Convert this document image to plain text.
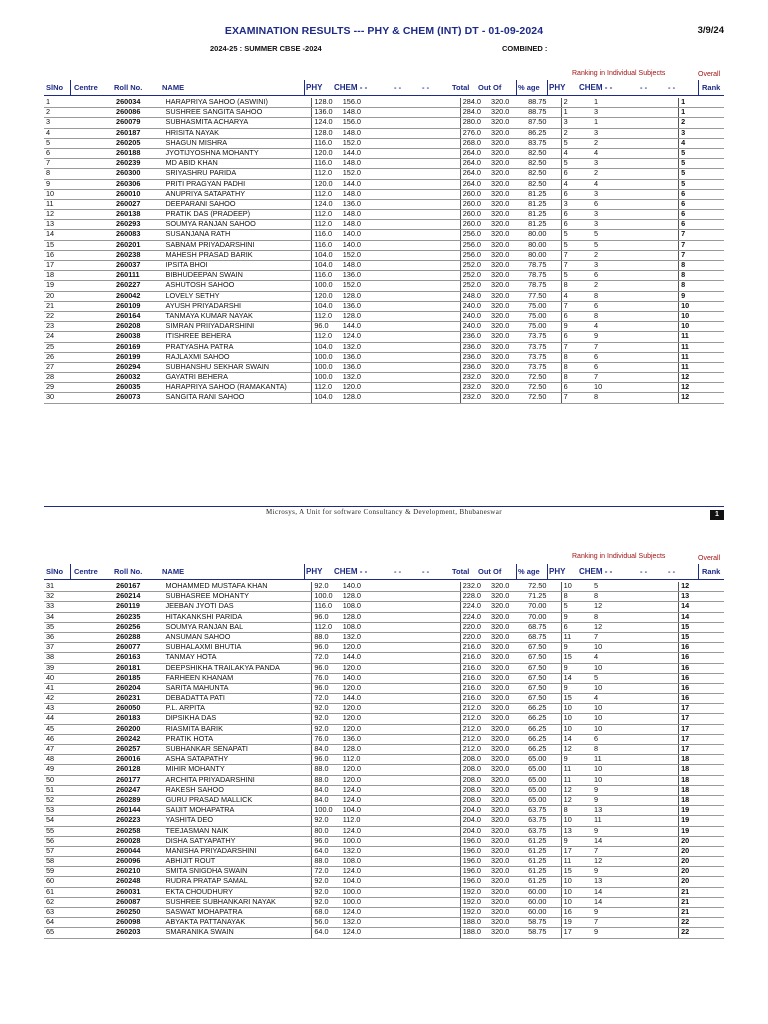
EXAMINATION RESULTS --- PHY & CHEM (INT) DT - 01-09-2024	3/9/24
2024-25 : SUMMER CBSE -2024	COMBINED :
Ranking in Individual Subjects	Overall
SlNo Centre Roll No.	NAME	PHY CHEM - -	- -	- -	Total Out Of % age PHY CHEM - -	- -	- -	Rank
1		260034	HARAPRIYA SAHOO (ASWINI)	128.0	156.0			284.0	320.0	88.75	2	1			1
2		260086	SUSHREE SANGITA SAHOO	136.0	148.0			284.0	320.0	88.75	1	3			1
3		260079	SUBHASMITA ACHARYA	124.0	156.0			280.0	320.0	87.50	3	1			2
4		260187	HRISITA NAYAK	128.0	148.0			276.0	320.0	86.25	2	3			3
5		260205	SHAGUN MISHRA	116.0	152.0			268.0	320.0	83.75	5	2			4
6		260188	JYOTIJYOSHNA MOHANTY	120.0	144.0			264.0	320.0	82.50	4	4			5
7		260239	MD ABID KHAN	116.0	148.0			264.0	320.0	82.50	5	3			5
8		260300	SRIYASHRU PARIDA	112.0	152.0			264.0	320.0	82.50	6	2			5
9		260306	PRITI PRAGYAN PADHI	120.0	144.0			264.0	320.0	82.50	4	4			5
10		260010	ANUPRIYA SATAPATHY	112.0	148.0			260.0	320.0	81.25	6	3			6
11		260027	DEEPARANI SAHOO	124.0	136.0			260.0	320.0	81.25	3	6			6
12		260138	PRATIK DAS (PRADEEP)	112.0	148.0			260.0	320.0	81.25	6	3			6
13		260293	SOUMYA RANJAN SAHOO	112.0	148.0			260.0	320.0	81.25	6	3			6
14		260083	SUSANJANA RATH	116.0	140.0			256.0	320.0	80.00	5	5			7
15		260201	SABNAM PRIYADARSHINI	116.0	140.0			256.0	320.0	80.00	5	5			7
16		260238	MAHESH PRASAD BARIK	104.0	152.0			256.0	320.0	80.00	7	2			7
17		260037	IPSITA BHOI	104.0	148.0			252.0	320.0	78.75	7	3			8
18		260111	BIBHUDEEPAN SWAIN	116.0	136.0			252.0	320.0	78.75	5	6			8
19		260227	ASHUTOSH SAHOO	100.0	152.0			252.0	320.0	78.75	8	2			8
20		260042	LOVELY SETHY	120.0	128.0			248.0	320.0	77.50	4	8			9
21		260109	AYUSH PRIYADARSHI	104.0	136.0			240.0	320.0	75.00	7	6			10
22		260164	TANMAYA KUMAR NAYAK	112.0	128.0			240.0	320.0	75.00	6	8			10
23		260208	SIMRAN PRIIYADARSHINI	96.0	144.0			240.0	320.0	75.00	9	4			10
24		260038	ITISHREE BEHERA	112.0	124.0			236.0	320.0	73.75	6	9			11
25		260169	PRATYASHA PATRA	104.0	132.0			236.0	320.0	73.75	7	7			11
26		260199	RAJLAXMI SAHOO	100.0	136.0			236.0	320.0	73.75	8	6			11
27		260294	SUBHANSHU SEKHAR SWAIN	100.0	136.0			236.0	320.0	73.75	8	6			11
28		260032	GAYATRI BEHERA	100.0	132.0			232.0	320.0	72.50	8	7			12
29		260035	HARAPRIYA SAHOO (RAMAKANTA)	112.0	120.0			232.0	320.0	72.50	6	10			12
30		260073	SANGITA RANI SAHOO	104.0	128.0			232.0	320.0	72.50	7	8			12
Microsys, A Unit for software Consultancy & Development, Bhubaneswar	1
Ranking in Individual Subjects	Overall
SlNo Centre Roll No.	NAME	PHY CHEM - -	- -	- -	Total Out Of % age PHY CHEM - -	- -	- -	Rank
31		260167	MOHAMMED MUSTAFA KHAN	92.0	140.0			232.0	320.0	72.50	10	5			12
32		260214	SUBHASREE MOHANTY	100.0	128.0			228.0	320.0	71.25	8	8			13
33		260119	JEEBAN JYOTI DAS	116.0	108.0			224.0	320.0	70.00	5	12			14
34		260235	HITAKANKSHI PARIDA	96.0	128.0			224.0	320.0	70.00	9	8			14
35		260256	SOUMYA RANJAN BAL	112.0	108.0			220.0	320.0	68.75	6	12			15
36		260288	ANSUMAN SAHOO	88.0	132.0			220.0	320.0	68.75	11	7			15
37		260077	SUBHALAXMI BHUTIA	96.0	120.0			216.0	320.0	67.50	9	10			16
38		260163	TANMAY HOTA	72.0	144.0			216.0	320.0	67.50	15	4			16
39		260181	DEEPSHIKHA TRAILAKYA PANDA	96.0	120.0			216.0	320.0	67.50	9	10			16
40		260185	FARHEEN KHANAM	76.0	140.0			216.0	320.0	67.50	14	5			16
41		260204	SARITA MAHUNTA	96.0	120.0			216.0	320.0	67.50	9	10			16
42		260231	DEBADATTA PATI	72.0	144.0			216.0	320.0	67.50	15	4			16
43		260050	P.L. ARPITA	92.0	120.0			212.0	320.0	66.25	10	10			17
44		260183	DIPSIKHA DAS	92.0	120.0			212.0	320.0	66.25	10	10			17
45		260200	RIASMITA BARIK	92.0	120.0			212.0	320.0	66.25	10	10			17
46		260242	PRATIK HOTA	76.0	136.0			212.0	320.0	66.25	14	6			17
47		260257	SUBHANKAR SENAPATI	84.0	128.0			212.0	320.0	66.25	12	8			17
48		260016	ASHA SATAPATHY	96.0	112.0			208.0	320.0	65.00	9	11			18
49		260128	MIHIR MOHANTY	88.0	120.0			208.0	320.0	65.00	11	10			18
50		260177	ARCHITA PRIYADARSHINI	88.0	120.0			208.0	320.0	65.00	11	10			18
51		260247	RAKESH SAHOO	84.0	124.0			208.0	320.0	65.00	12	9			18
52		260289	GURU PRASAD MALLICK	84.0	124.0			208.0	320.0	65.00	12	9			18
53		260144	SAIJIT MOHAPATRA	100.0	104.0			204.0	320.0	63.75	8	13			19
54		260223	YASHITA DEO	92.0	112.0			204.0	320.0	63.75	10	11			19
55		260258	TEEJASMAN NAIK	80.0	124.0			204.0	320.0	63.75	13	9			19
56		260028	DISHA SATYAPATHY	96.0	100.0			196.0	320.0	61.25	9	14			20
57		260044	MANISHA PRIYADARSHINI	64.0	132.0			196.0	320.0	61.25	17	7			20
58		260096	ABHIJIT ROUT	88.0	108.0			196.0	320.0	61.25	11	12			20
59		260210	SMITA SNIGDHA SWAIN	72.0	124.0			196.0	320.0	61.25	15	9			20
60		260248	RUDRA PRATAP SAMAL	92.0	104.0			196.0	320.0	61.25	10	13			20
61		260031	EKTA CHOUDHURY	92.0	100.0			192.0	320.0	60.00	10	14			21
62		260087	SUSHREE SUBHANKARI NAYAK	92.0	100.0			192.0	320.0	60.00	10	14			21
63		260250	SASWAT MOHAPATRA	68.0	124.0			192.0	320.0	60.00	16	9			21
64		260098	ABYAKTA PATTANAYAK	56.0	132.0			188.0	320.0	58.75	19	7			22
65		260203	SMARANIKA SWAIN	64.0	124.0			188.0	320.0	58.75	17	9			22
